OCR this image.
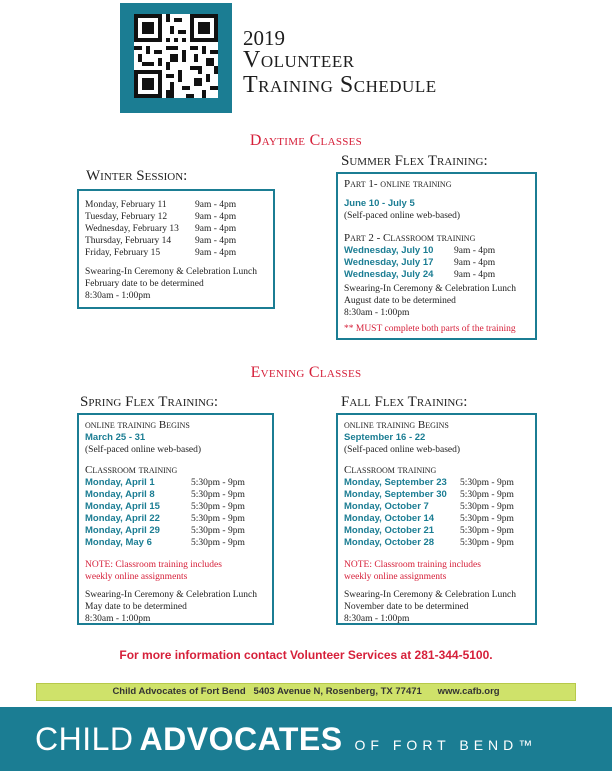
2019
Volunteer
Training Schedule
Daytime Classes
Winter Session:
Monday, February 11	9am - 4pm
Tuesday, February 12	9am - 4pm
Wednesday, February 13 9am - 4pm
Thursday, February 14	9am - 4pm
Friday, February 15	9am - 4pm
Swearing-In Ceremony & Celebration Lunch
February date to be determined
8:30am - 1:00pm
Summer Flex Training:
Part 1- online training
June 10 - July 5
(Self-paced online web-based)
Part 2 - Classroom training
Wednesday, July 10 9am - 4pm
Wednesday, July 17 9am - 4pm
Wednesday, July 24 9am - 4pm
Swearing-In Ceremony & Celebration Lunch
August date to be determined
8:30am - 1:00pm
** MUST complete both parts of the training
Evening Classes
Spring Flex Training:
online training Begins
March 25 - 31
(Self-paced online web-based)
Classroom training
Monday, April 1	5:30pm - 9pm
Monday, April 8	5:30pm - 9pm
Monday, April 15	5:30pm - 9pm
Monday, April 22	5:30pm - 9pm
Monday, April 29	5:30pm - 9pm
Monday, May 6	5:30pm - 9pm
NOTE: Classroom training includes
weekly online assignments
Swearing-In Ceremony & Celebration Lunch
May date to be determined
8:30am - 1:00pm
Fall Flex Training:
online training Begins
September 16 - 22
(Self-paced online web-based)
Classroom training
Monday, September 23 5:30pm - 9pm
Monday, September 30 5:30pm - 9pm
Monday, October 7	5:30pm - 9pm
Monday, October 14	5:30pm - 9pm
Monday, October 21	5:30pm - 9pm
Monday, October 28	5:30pm - 9pm
NOTE: Classroom training includes
weekly online assignments
Swearing-In Ceremony & Celebration Lunch
November date to be determined
8:30am - 1:00pm
For more information contact Volunteer Services at 281-344-5100.
Child Advocates of Fort Bend   5403 Avenue N, Rosenberg, TX 77471      www.cafb.org
CHILD ADVOCATES OF FORT BEND™
